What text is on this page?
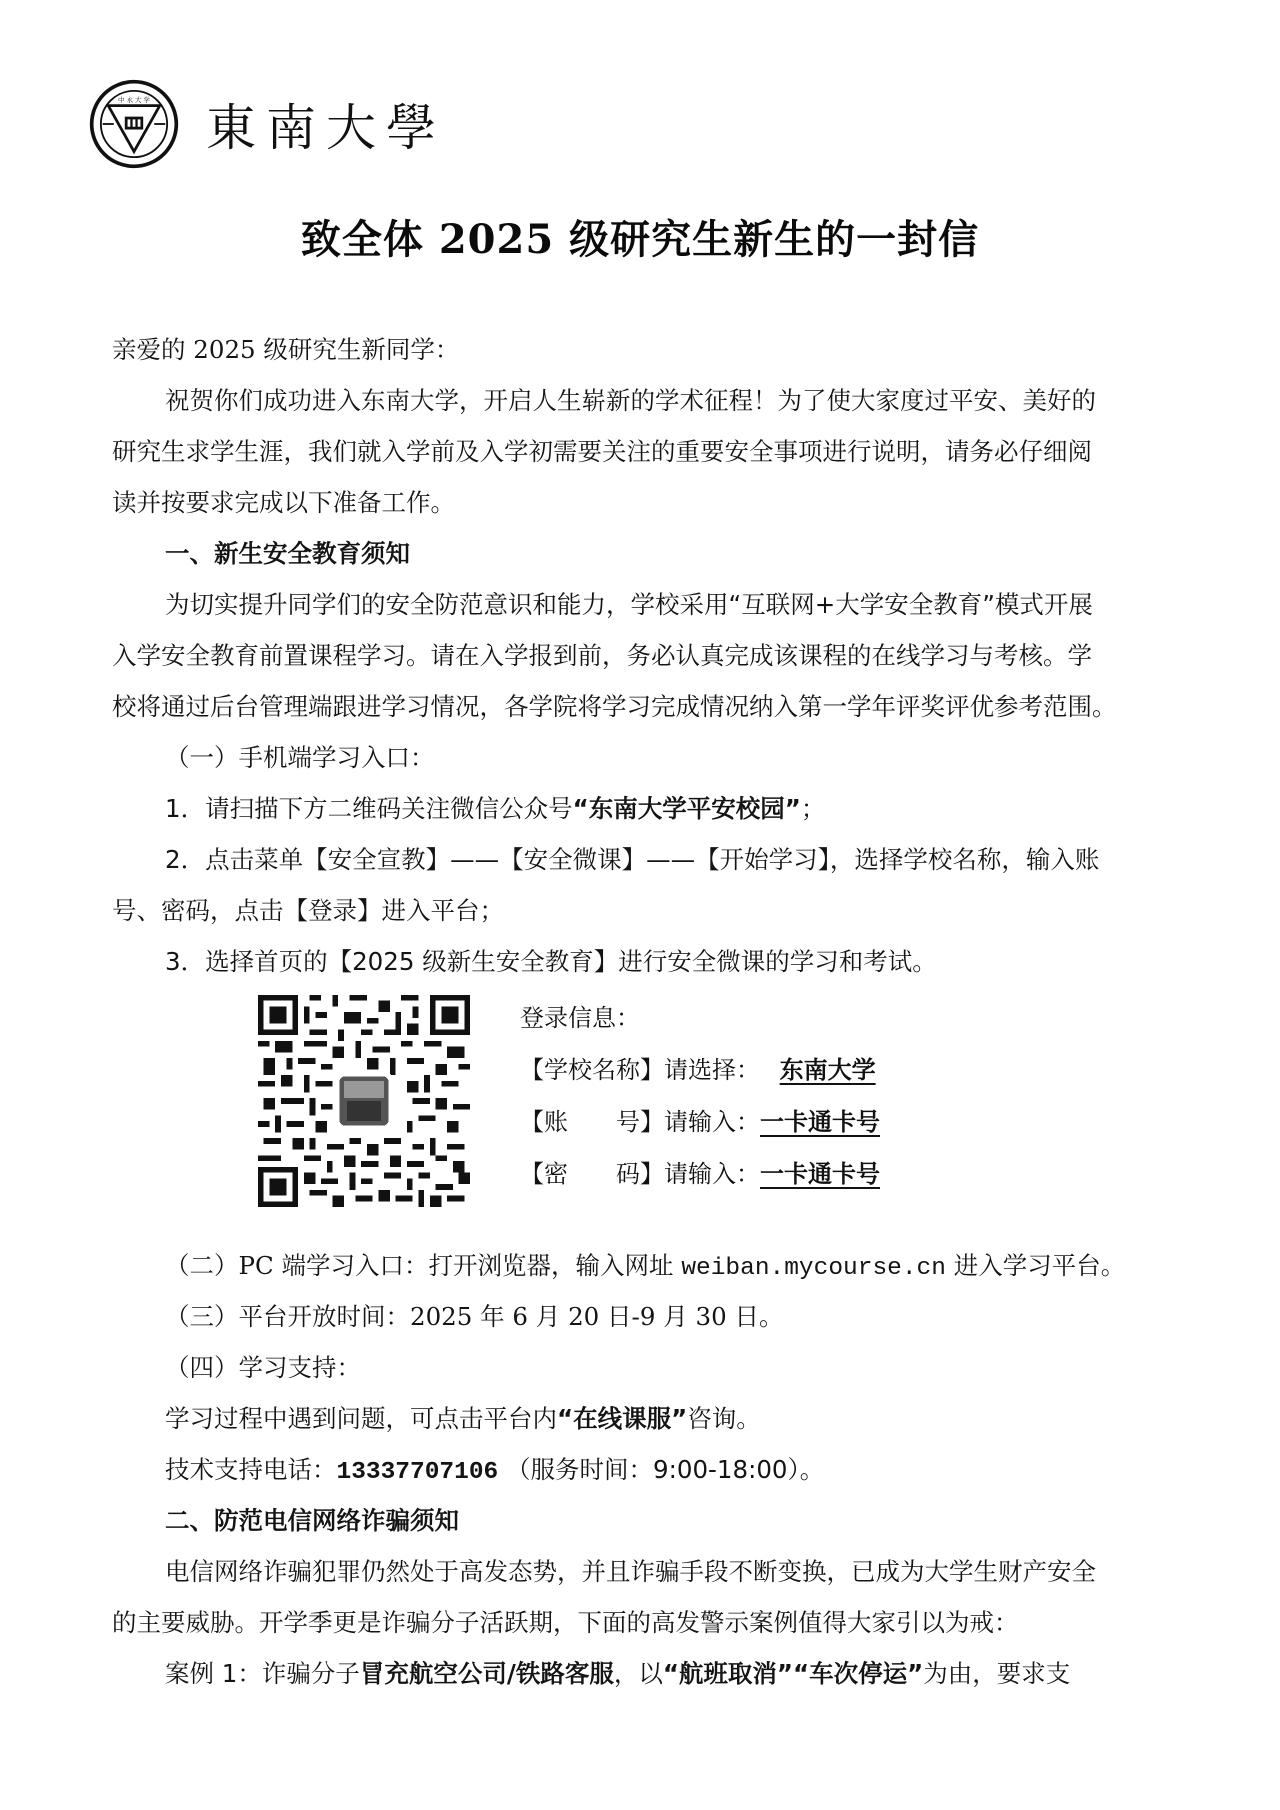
中 永 大 学 東南大學
致全体 2025 级研究生新生的一封信
亲爱的 2025 级研究生新同学：
祝贺你们成功进入东南大学，开启人生崭新的学术征程！为了使大家度过平安、美好的
研究生求学生涯，我们就入学前及入学初需要关注的重要安全事项进行说明，请务必仔细阅
读并按要求完成以下准备工作。
一、新生安全教育须知
为切实提升同学们的安全防范意识和能力，学校采用“互联网+大学安全教育”模式开展
入学安全教育前置课程学习。请在入学报到前，务必认真完成该课程的在线学习与考核。学
校将通过后台管理端跟进学习情况，各学院将学习完成情况纳入第一学年评奖评优参考范围。
（一）手机端学习入口：
1．请扫描下方二维码关注微信公众号“东南大学平安校园”；
2．点击菜单【安全宣教】——【安全微课】——【开始学习】，选择学校名称，输入账
号、密码，点击【登录】进入平台；
3．选择首页的【2025 级新生安全教育】进行安全微课的学习和考试。
登录信息：
【学校名称】请选择： 东南大学
【账　　号】请输入：一卡通卡号
【密　　码】请输入：一卡通卡号
（二）PC 端学习入口：打开浏览器，输入网址 weiban.mycourse.cn 进入学习平台。
（三）平台开放时间：2025 年 6 月 20 日-9 月 30 日。
（四）学习支持：
学习过程中遇到问题，可点击平台内“在线课服”咨询。
技术支持电话：13337707106 （服务时间：9:00-18:00）。
二、防范电信网络诈骗须知
电信网络诈骗犯罪仍然处于高发态势，并且诈骗手段不断变换，已成为大学生财产安全
的主要威胁。开学季更是诈骗分子活跃期，下面的高发警示案例值得大家引以为戒：
案例 1：诈骗分子冒充航空公司/铁路客服，以“航班取消”“车次停运”为由，要求支
